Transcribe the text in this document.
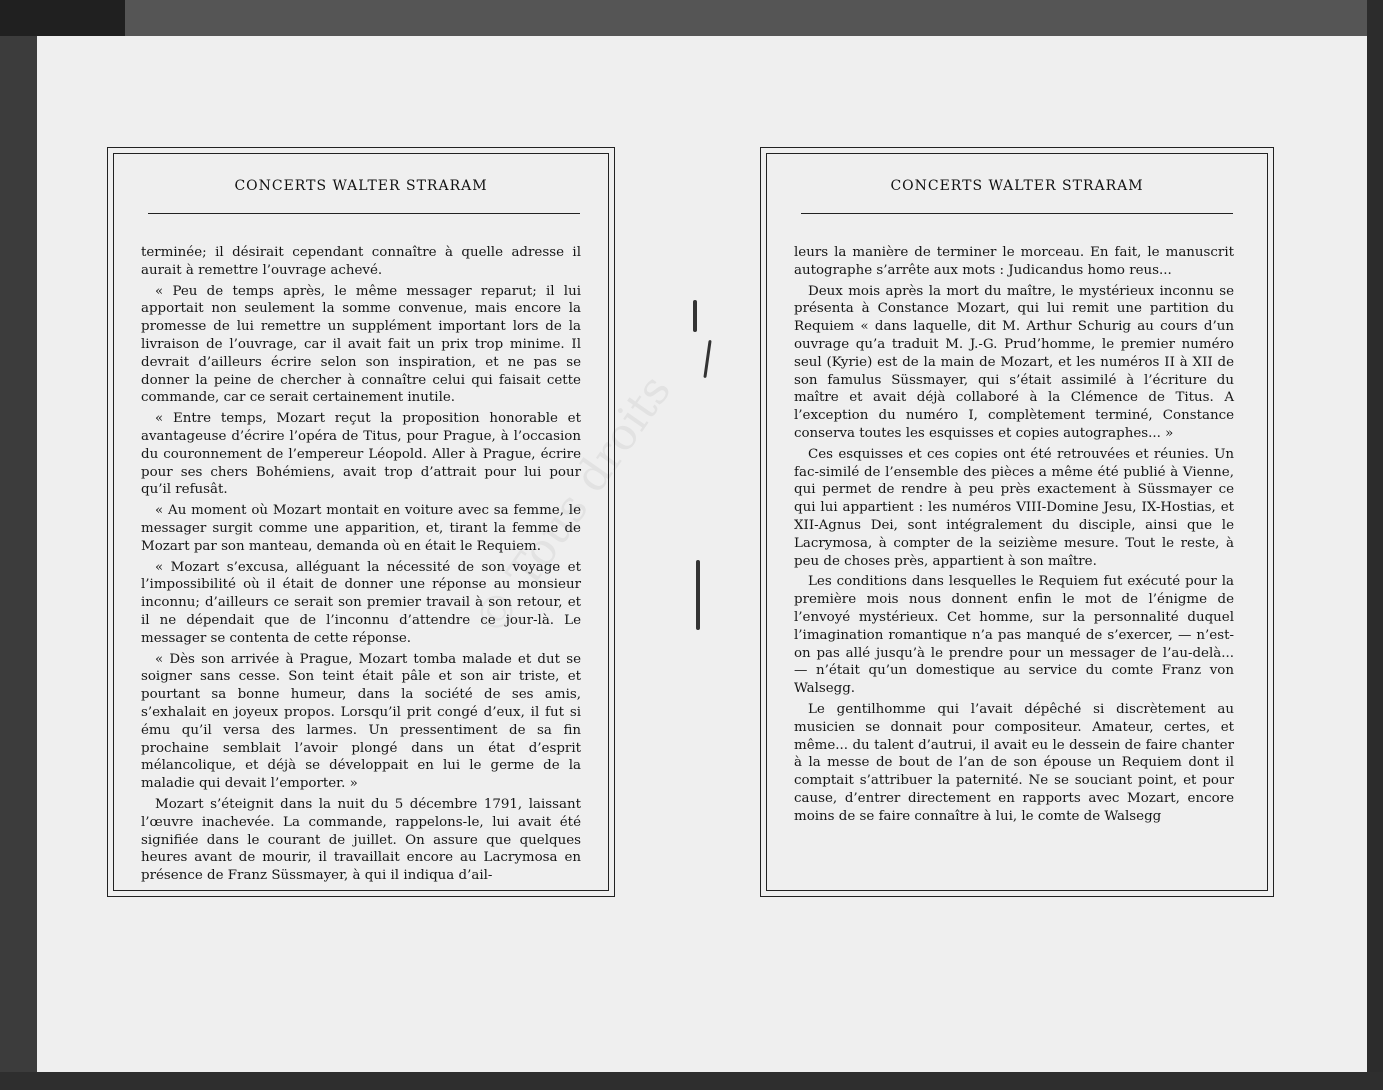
CONCERTS WALTER STRARAM

terminée; il désirait cependant connaître à quelle adresse il aurait à remettre l’ouvrage achevé.

« Peu de temps après, le même messager reparut; il lui apportait non seulement la somme convenue, mais encore la promesse de lui remettre un supplément important lors de la livraison de l’ouvrage, car il avait fait un prix trop minime. Il devrait d’ailleurs écrire selon son inspiration, et ne pas se donner la peine de chercher à connaître celui qui faisait cette commande, car ce serait certainement inutile.

« Entre temps, Mozart reçut la proposition honorable et avantageuse d’écrire l’opéra de Titus, pour Prague, à l’occasion du couronnement de l’empereur Léopold. Aller à Prague, écrire pour ses chers Bohémiens, avait trop d’attrait pour lui pour qu’il refusât.

« Au moment où Mozart montait en voiture avec sa femme, le messager surgit comme une apparition, et, tirant la femme de Mozart par son manteau, demanda où en était le Requiem.

« Mozart s’excusa, alléguant la nécessité de son voyage et l’impossibilité où il était de donner une réponse au monsieur inconnu; d’ailleurs ce serait son premier travail à son retour, et il ne dépendait que de l’inconnu d’attendre ce jour-là. Le messager se contenta de cette réponse.

« Dès son arrivée à Prague, Mozart tomba malade et dut se soigner sans cesse. Son teint était pâle et son air triste, et pourtant sa bonne humeur, dans la société de ses amis, s’exhalait en joyeux propos. Lorsqu’il prit congé d’eux, il fut si ému qu’il versa des larmes. Un pressentiment de sa fin prochaine semblait l’avoir plongé dans un état d’esprit mélancolique, et déjà se développait en lui le germe de la maladie qui devait l’emporter. »

Mozart s’éteignit dans la nuit du 5 décembre 1791, laissant l’œuvre inachevée. La commande, rappelons-le, lui avait été signifiée dans le courant de juillet. On assure que quelques heures avant de mourir, il travaillait encore au Lacrymosa en présence de Franz Süssmayer, à qui il indiqua d’ail-

CONCERTS WALTER STRARAM

leurs la manière de terminer le morceau. En fait, le manuscrit autographe s’arrête aux mots : Judicandus homo reus...

Deux mois après la mort du maître, le mystérieux inconnu se présenta à Constance Mozart, qui lui remit une partition du Requiem « dans laquelle, dit M. Arthur Schurig au cours d’un ouvrage qu’a traduit M. J.-G. Prud’homme, le premier numéro seul (Kyrie) est de la main de Mozart, et les numéros II à XII de son famulus Süssmayer, qui s’était assimilé à l’écriture du maître et avait déjà collaboré à la Clémence de Titus. A l’exception du numéro I, complètement terminé, Constance conserva toutes les esquisses et copies autographes... »

Ces esquisses et ces copies ont été retrouvées et réunies. Un fac-similé de l’ensemble des pièces a même été publié à Vienne, qui permet de rendre à peu près exactement à Süssmayer ce qui lui appartient : les numéros VIII-Domine Jesu, IX-Hostias, et XII-Agnus Dei, sont intégralement du disciple, ainsi que le Lacrymosa, à compter de la seizième mesure. Tout le reste, à peu de choses près, appartient à son maître.

Les conditions dans lesquelles le Requiem fut exécuté pour la première mois nous donnent enfin le mot de l’énigme de l’envoyé mystérieux. Cet homme, sur la personnalité duquel l’imagination romantique n’a pas manqué de s’exercer, — n’est-on pas allé jusqu’à le prendre pour un messager de l’au-delà... — n’était qu’un domestique au service du comte Franz von Walsegg.

Le gentilhomme qui l’avait dépêché si discrètement au musicien se donnait pour compositeur. Amateur, certes, et même... du talent d’autrui, il avait eu le dessein de faire chanter à la messe de bout de l’an de son épouse un Requiem dont il comptait s’attribuer la paternité. Ne se souciant point, et pour cause, d’entrer directement en rapports avec Mozart, encore moins de se faire connaître à lui, le comte de Walsegg
